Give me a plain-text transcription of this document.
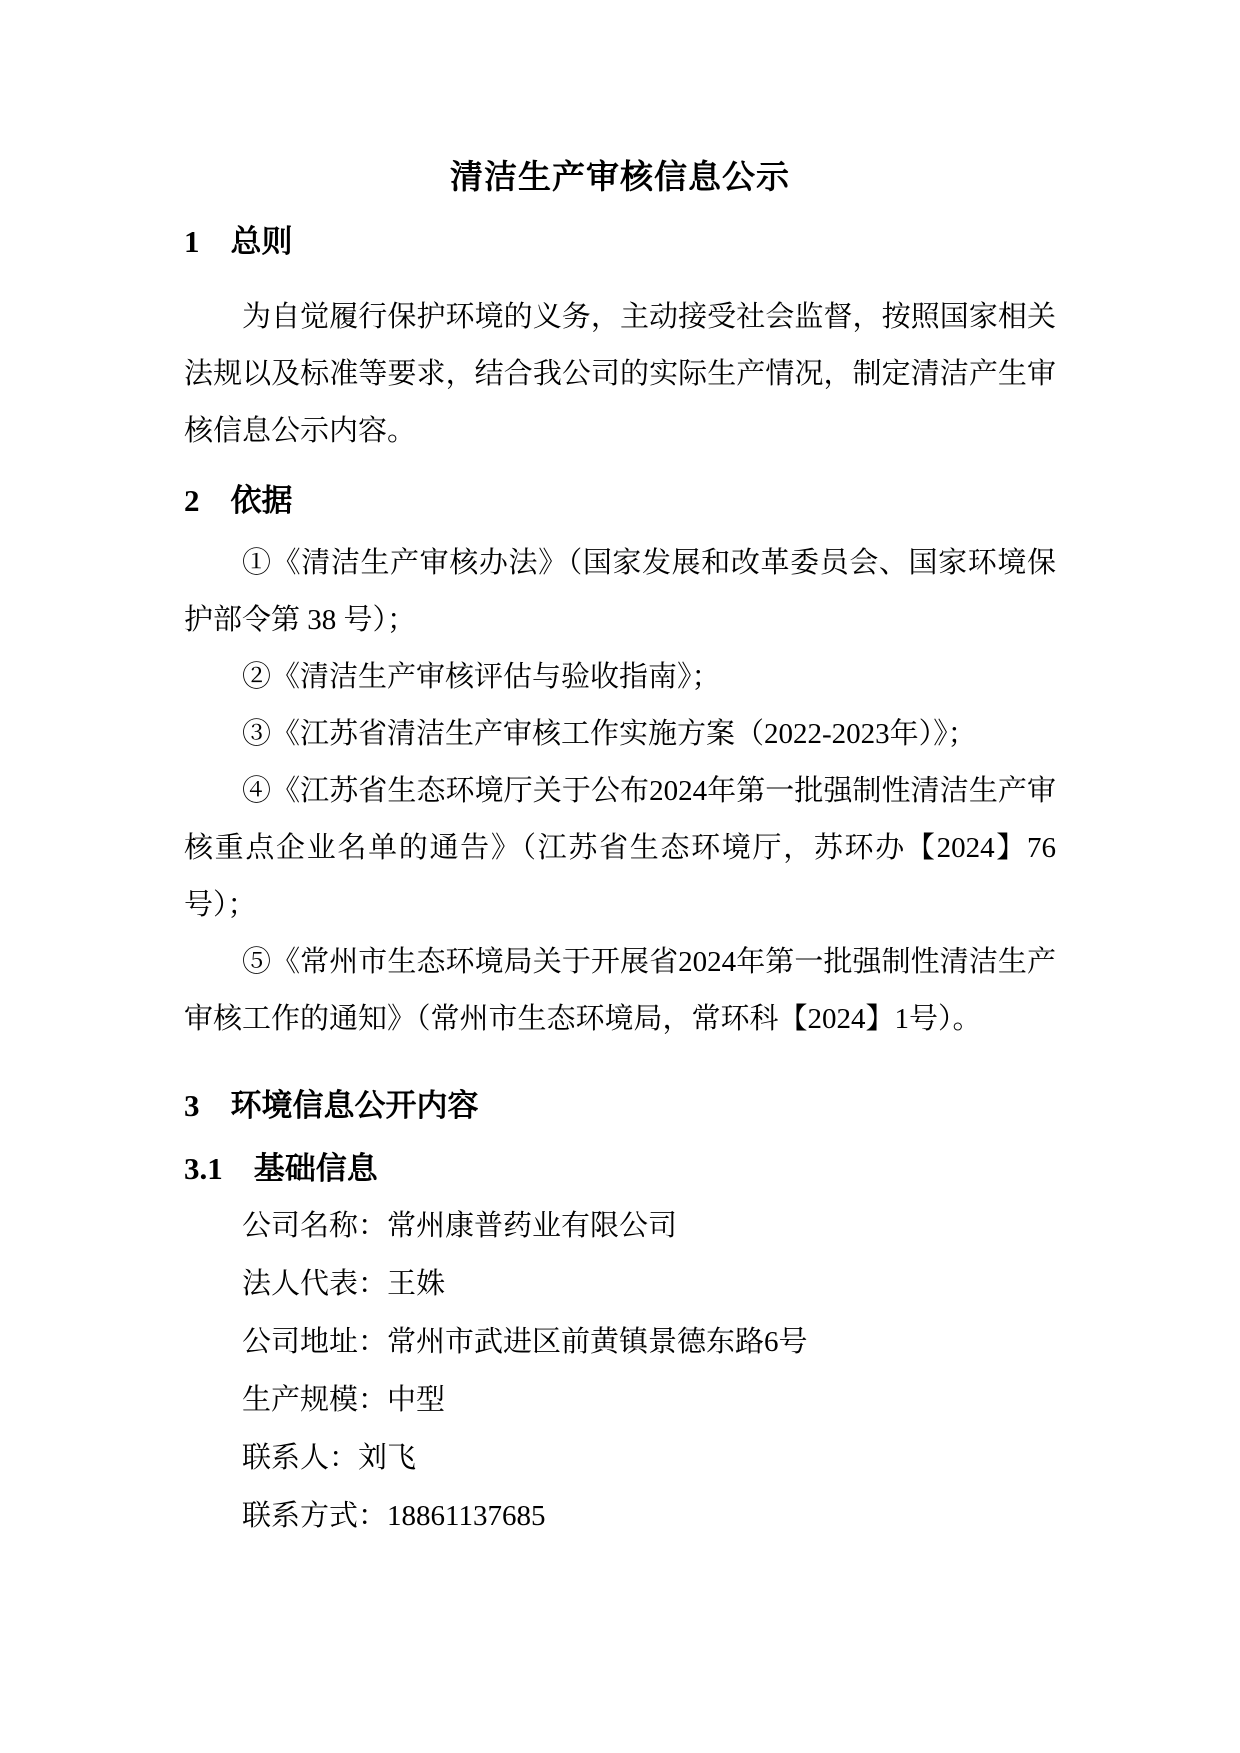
清洁生产审核信息公示
1　总则

为自觉履行保护环境的义务，主动接受社会监督，按照国家相关法规以及标准等要求，结合我公司的实际生产情况，制定清洁产生审核信息公示内容。

2　依据

①《清洁生产审核办法》（国家发展和改革委员会、国家环境保护部令第 38 号）；

②《清洁生产审核评估与验收指南》；

③《江苏省清洁生产审核工作实施方案（2022-2023年）》；

④《江苏省生态环境厅关于公布2024年第一批强制性清洁生产审核重点企业名单的通告》（江苏省生态环境厅，苏环办【2024】76 号）；

⑤《常州市生态环境局关于开展省2024年第一批强制性清洁生产审核工作的通知》（常州市生态环境局，常环科【2024】1号）。

3　环境信息公开内容
3.1　基础信息

公司名称：常州康普药业有限公司

法人代表：王姝

公司地址：常州市武进区前黄镇景德东路6号

生产规模：中型

联系人：刘飞

联系方式：18861137685
